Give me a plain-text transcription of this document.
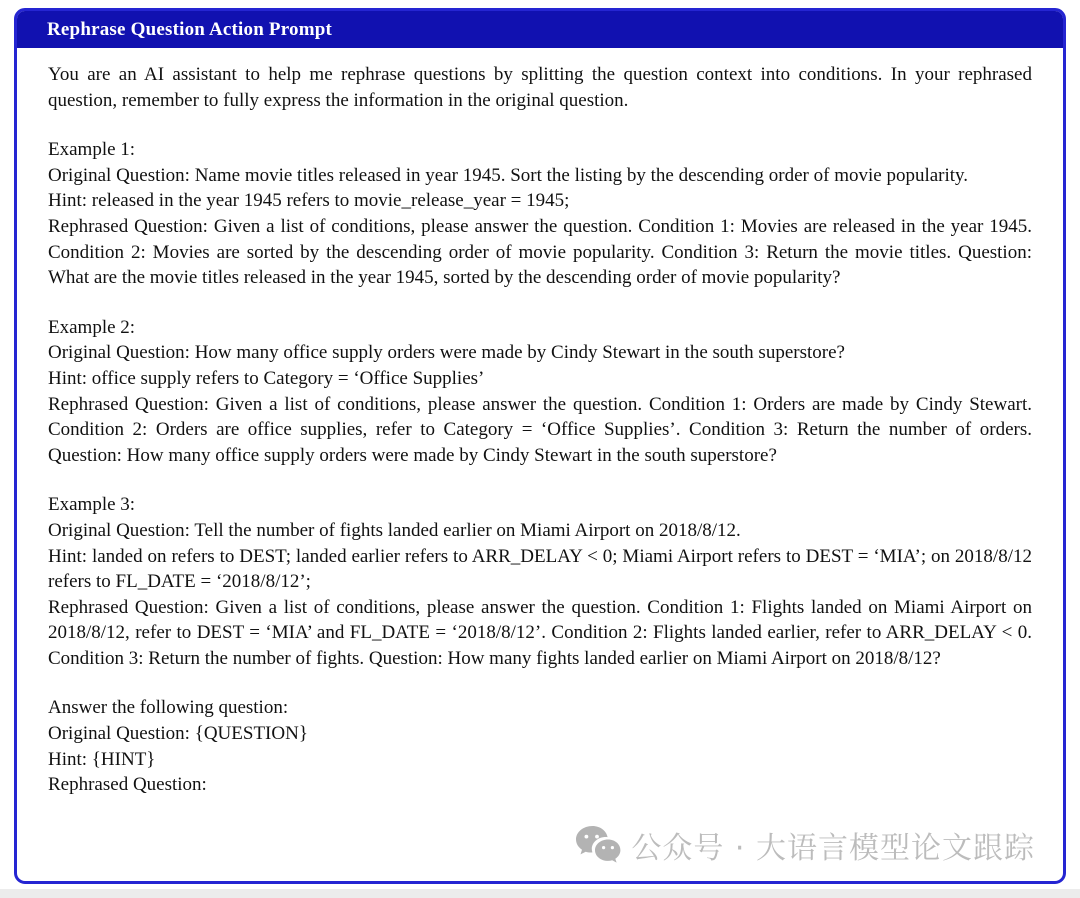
Rephrase Question Action Prompt

You are an AI assistant to help me rephrase questions by splitting the question context into conditions. In your rephrased question, remember to fully express the information in the original question.

Example 1:

Original Question: Name movie titles released in year 1945. Sort the listing by the descending order of movie popularity.

Hint: released in the year 1945 refers to movie_release_year = 1945;

Rephrased Question: Given a list of conditions, please answer the question. Condition 1: Movies are released in the year 1945. Condition 2: Movies are sorted by the descending order of movie popularity. Condition 3: Return the movie titles. Question: What are the movie titles released in the year 1945, sorted by the descending order of movie popularity?

Example 2:

Original Question: How many office supply orders were made by Cindy Stewart in the south superstore?

Hint: office supply refers to Category = ‘Office Supplies’

Rephrased Question: Given a list of conditions, please answer the question. Condition 1: Orders are made by Cindy Stewart. Condition 2: Orders are office supplies, refer to Category = ‘Office Supplies’. Condition 3: Return the number of orders. Question: How many office supply orders were made by Cindy Stewart in the south superstore?

Example 3:

Original Question: Tell the number of fights landed earlier on Miami Airport on 2018/8/12.

Hint: landed on refers to DEST; landed earlier refers to ARR_DELAY < 0; Miami Airport refers to DEST = ‘MIA’; on 2018/8/12 refers to FL_DATE = ‘2018/8/12’;

Rephrased Question: Given a list of conditions, please answer the question. Condition 1: Flights landed on Miami Airport on 2018/8/12, refer to DEST = ‘MIA’ and FL_DATE = ‘2018/8/12’. Condition 2: Flights landed earlier, refer to ARR_DELAY < 0. Condition 3: Return the number of fights. Question: How many fights landed earlier on Miami Airport on 2018/8/12?

Answer the following question:

Original Question: {QUESTION}

Hint: {HINT}

Rephrased Question:

公众号 · 大语言模型论文跟踪
